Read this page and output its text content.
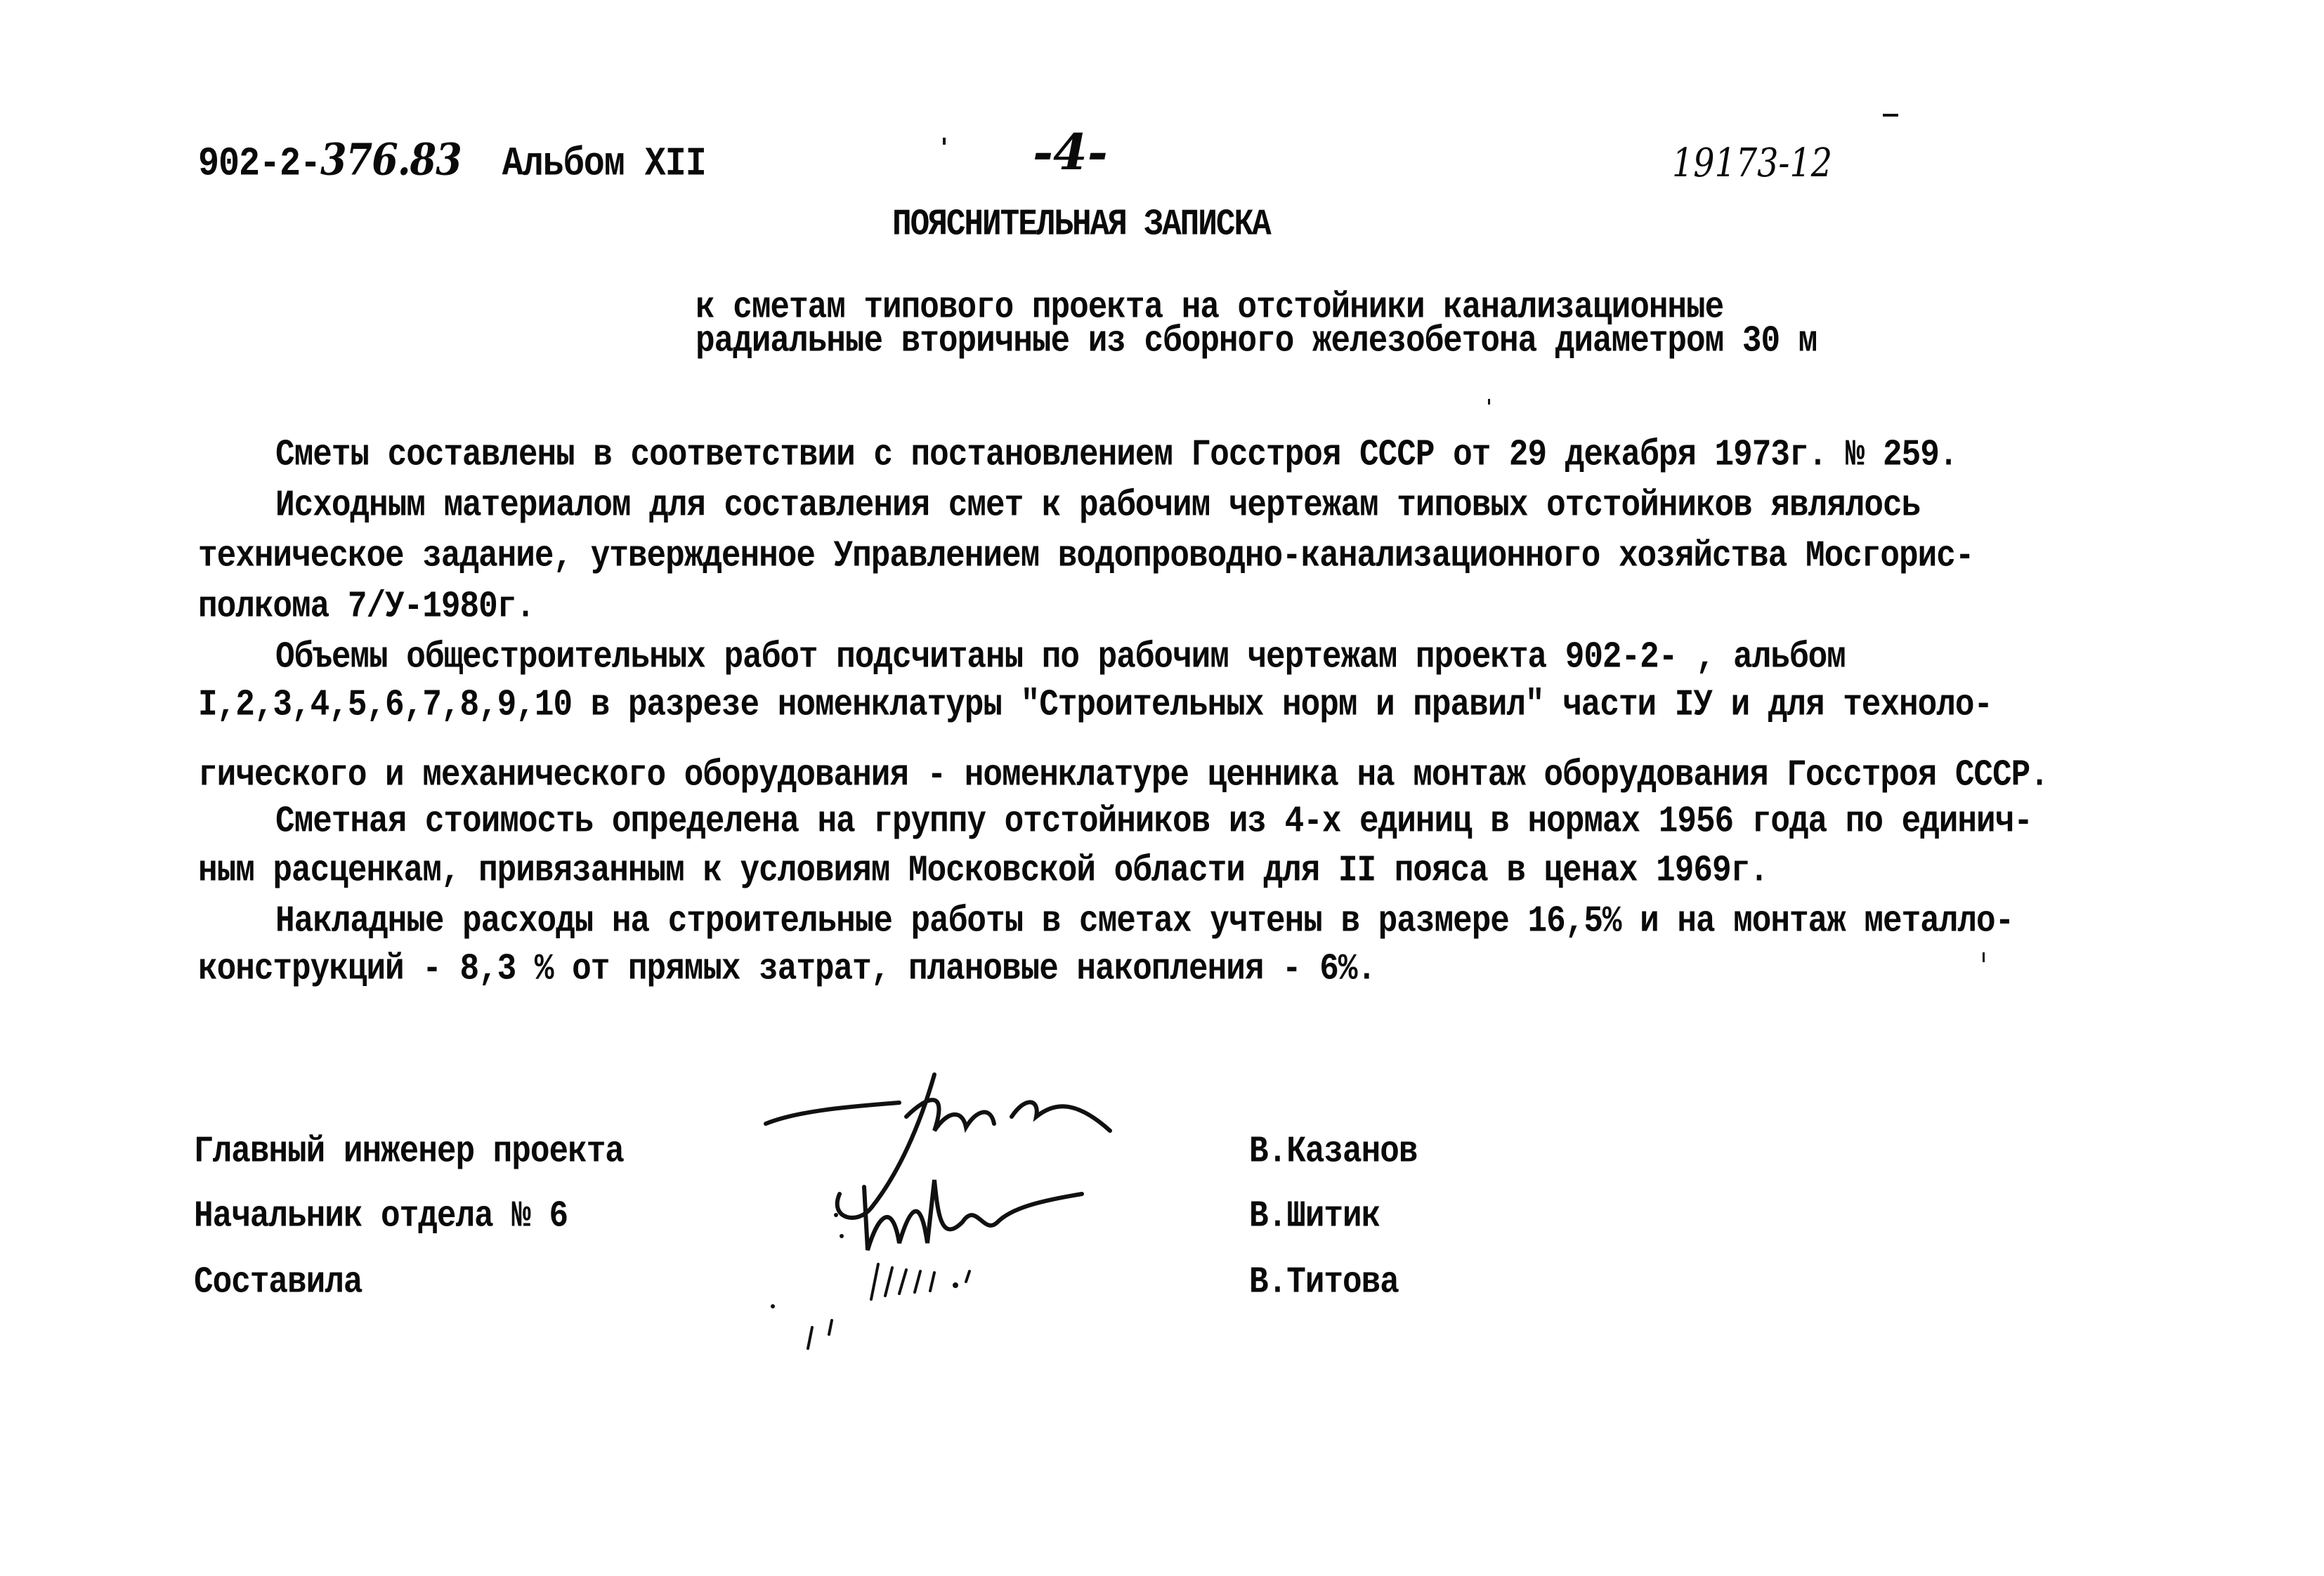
902-2-376.83 Альбом XII	-4-	19173-12
ПОЯСНИТЕЛЬНАЯ ЗАПИСКА
к сметам типового проекта на отстойники канализационные
радиальные вторичные из сборного железобетона диаметром 30 м
Сметы составлены в соответствии с постановлением Госстроя СССР от 29 декабря 1973г. № 259.
Исходным материалом для составления смет к рабочим чертежам типовых отстойников являлось
техническое задание, утвержденное Управлением водопроводно-канализационного хозяйства Мосгорис-
полкома 7/У-1980г.
Объемы общестроительных работ подсчитаны по рабочим чертежам проекта 902-2- , альбом
I,2,3,4,5,6,7,8,9,10 в разрезе номенклатуры "Строительных норм и правил" части IУ и для техноло-
гического и механического оборудования - номенклатуре ценника на монтаж оборудования Госстроя СССР.
Сметная стоимость определена на группу отстойников из 4-х единиц в нормах 1956 года по единич-
ным расценкам, привязанным к условиям Московской области для II пояса в ценах 1969г.
Накладные расходы на строительные работы в сметах учтены в размере 16,5% и на монтаж металло-
конструкций - 8,3 % от прямых затрат, плановые накопления - 6%.
Главный инженер проекта
Начальник отдела № 6
Составила
В.Казанов
В.Шитик
В.Титова
